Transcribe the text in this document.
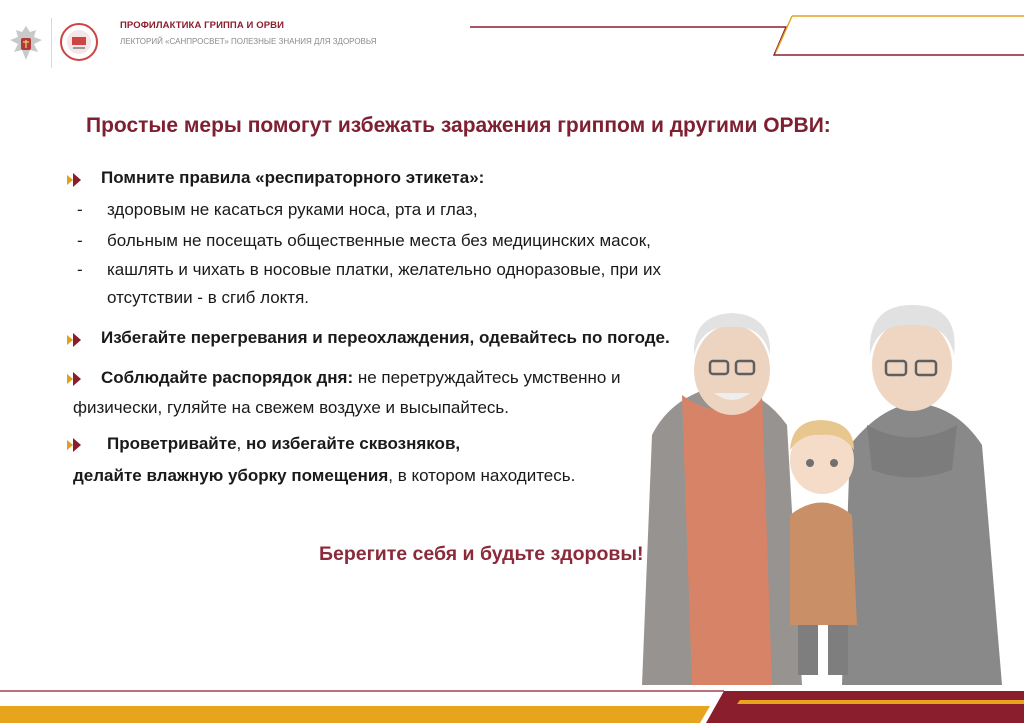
ПРОФИЛАКТИКА ГРИППА И ОРВИ
ЛЕКТОРИЙ «САНПРОСВЕТ» ПОЛЕЗНЫЕ ЗНАНИЯ ДЛЯ ЗДОРОВЬЯ
Простые меры помогут избежать заражения гриппом и другими ОРВИ:
Помните правила «респираторного этикета»:
- здоровым не касаться руками носа, рта и глаз,
- больным не посещать общественные места без медицинских масок,
- кашлять и чихать в носовые платки, желательно одноразовые, при их
отсутствии - в сгиб локтя.
Избегайте перегревания и переохлаждения, одевайтесь по погоде.
Соблюдайте распорядок дня: не перетруждайтесь умственно и
физически, гуляйте на свежем воздухе и высыпайтесь.
Проветривайте, но избегайте сквозняков,
делайте влажную уборку помещения, в котором находитесь.
Берегите себя и будьте здоровы!
